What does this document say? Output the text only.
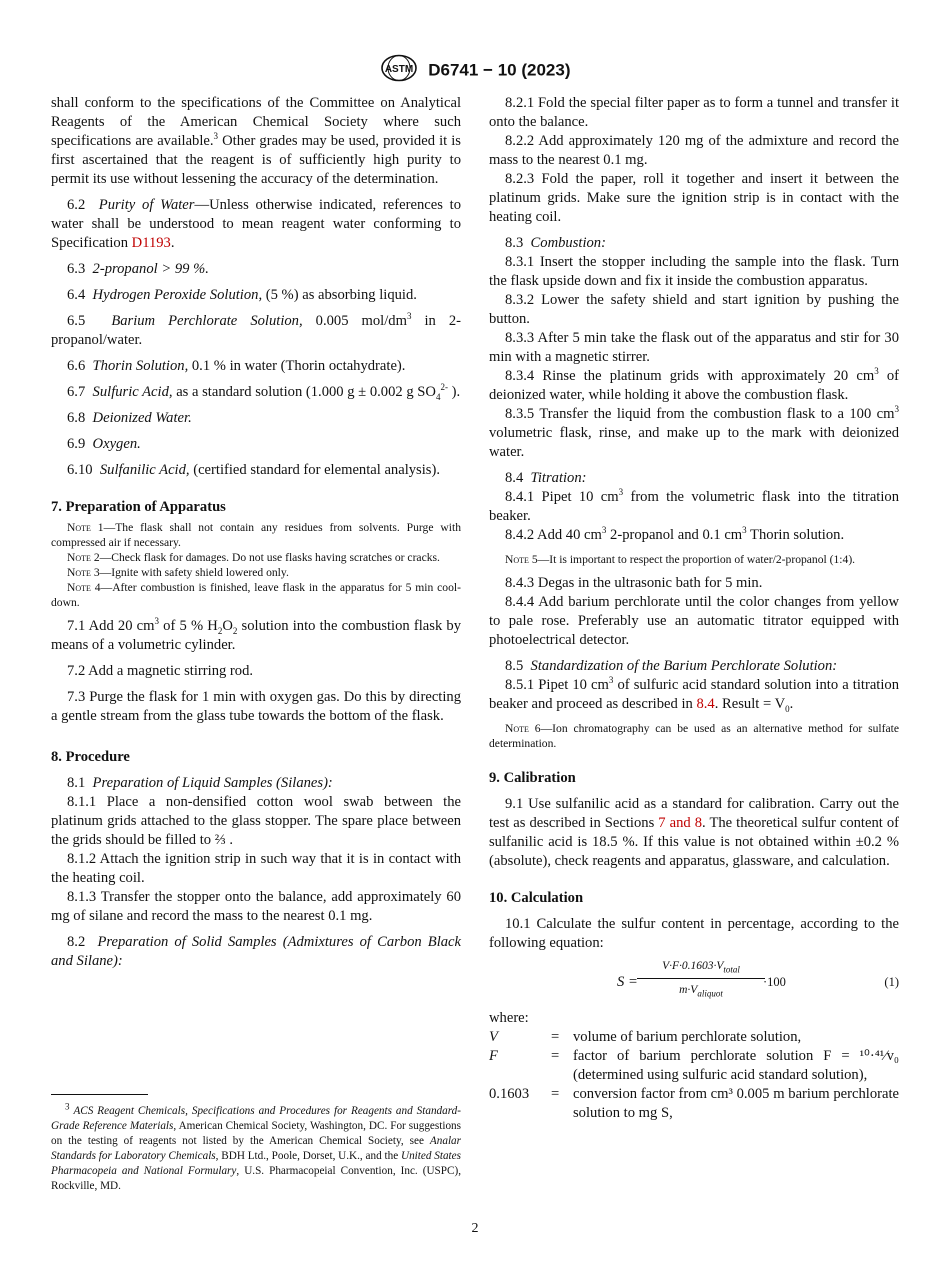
ASTM D6741 − 10 (2023)

shall conform to the specifications of the Committee on Analytical Reagents of the American Chemical Society where such specifications are available.$^3$ Other grades may be used, provided it is first ascertained that the reagent is of sufficiently high purity to permit its use without lessening the accuracy of the determination.

6.2 Purity of Water—Unless otherwise indicated, references to water shall be understood to mean reagent water conforming to Specification D1193.

6.3 2-propanol > 99 %.

6.4 Hydrogen Peroxide Solution, (5 %) as absorbing liquid.

6.5 Barium Perchlorate Solution, 0.005 mol/$dm^3$ in 2-propanol/water.

6.6 Thorin Solution, 0.1 % in water (Thorin octahydrate).

6.7 Sulfuric Acid, as a standard solution (1.000 g ± 0.002 g $SO_4^{2-}$ ).

6.8 Deionized Water.

6.9 Oxygen.

6.10 Sulfanilic Acid, (certified standard for elemental analysis).

7. Preparation of Apparatus

Note 1—The flask shall not contain any residues from solvents. Purge with compressed air if necessary.

Note 2—Check flask for damages. Do not use flasks having scratches or cracks.

Note 3—Ignite with safety shield lowered only.

Note 4—After combustion is finished, leave flask in the apparatus for 5 min cool-down.

7.1 Add 20 $cm^3$ of 5 % $H_2O_2$ solution into the combustion flask by means of a volumetric cylinder.

7.2 Add a magnetic stirring rod.

7.3 Purge the flask for 1 min with oxygen gas. Do this by directing a gentle stream from the glass tube towards the bottom of the flask.

8. Procedure

8.1 Preparation of Liquid Samples (Silanes):

8.1.1 Place a non-densified cotton wool swab between the platinum grids attached to the glass stopper. The spare place between the grids should be filled to ⅔ .

8.1.2 Attach the ignition strip in such way that it is in contact with the heating coil.

8.1.3 Transfer the stopper onto the balance, add approximately 60 mg of silane and record the mass to the nearest 0.1 mg.

8.2 Preparation of Solid Samples (Admixtures of Carbon Black and Silane):

$^3$ ACS Reagent Chemicals, Specifications and Procedures for Reagents and Standard-Grade Reference Materials, American Chemical Society, Washington, DC. For suggestions on the testing of reagents not listed by the American Chemical Society, see Analar Standards for Laboratory Chemicals, BDH Ltd., Poole, Dorset, U.K., and the United States Pharmacopeia and National Formulary, U.S. Pharmacopeial Convention, Inc. (USPC), Rockville, MD.

8.2.1 Fold the special filter paper as to form a tunnel and transfer it onto the balance.

8.2.2 Add approximately 120 mg of the admixture and record the mass to the nearest 0.1 mg.

8.2.3 Fold the paper, roll it together and insert it between the platinum grids. Make sure the ignition strip is in contact with the heating coil.

8.3 Combustion:

8.3.1 Insert the stopper including the sample into the flask. Turn the flask upside down and fix it inside the combustion apparatus.

8.3.2 Lower the safety shield and start ignition by pushing the button.

8.3.3 After 5 min take the flask out of the apparatus and stir for 30 min with a magnetic stirrer.

8.3.4 Rinse the platinum grids with approximately 20 $cm^3$ of deionized water, while holding it above the combustion flask.

8.3.5 Transfer the liquid from the combustion flask to a 100 $cm^3$ volumetric flask, rinse, and make up to the mark with deionized water.

8.4 Titration:

8.4.1 Pipet 10 $cm^3$ from the volumetric flask into the titration beaker.

8.4.2 Add 40 $cm^3$ 2-propanol and 0.1 $cm^3$ Thorin solution.

Note 5—It is important to respect the proportion of water/2-propanol (1:4).

8.4.3 Degas in the ultrasonic bath for 5 min.

8.4.4 Add barium perchlorate until the color changes from yellow to pale rose. Preferably use an automatic titrator equipped with photoelectrical detector.

8.5 Standardization of the Barium Perchlorate Solution:

8.5.1 Pipet 10 $cm^3$ of sulfuric acid standard solution into a titration beaker and proceed as described in 8.4. Result = $V_0$.

Note 6—Ion chromatography can be used as an alternative method for sulfate determination.

9. Calibration

9.1 Use sulfanilic acid as a standard for calibration. Carry out the test as described in Sections 7 and 8. The theoretical sulfur content of sulfanilic acid is 18.5 %. If this value is not obtained within ±0.2 % (absolute), check reagents and apparatus, glassware, and calculation.

10. Calculation

10.1 Calculate the sulfur content in percentage, according to the following equation:

S =
$V\cdot F\cdot 0.1603\cdot V_{total}$
$m\cdot V_{aliquot}$
·100	(1)

where:

V	= volume of barium perchlorate solution,
F	= factor of barium perchlorate solution F = ¹⁰·⁴¹⁄v₀ (determined using sulfuric acid standard solution),
0.1603	= conversion factor from cm³ 0.005 m barium perchlorate solution to mg S,
2
